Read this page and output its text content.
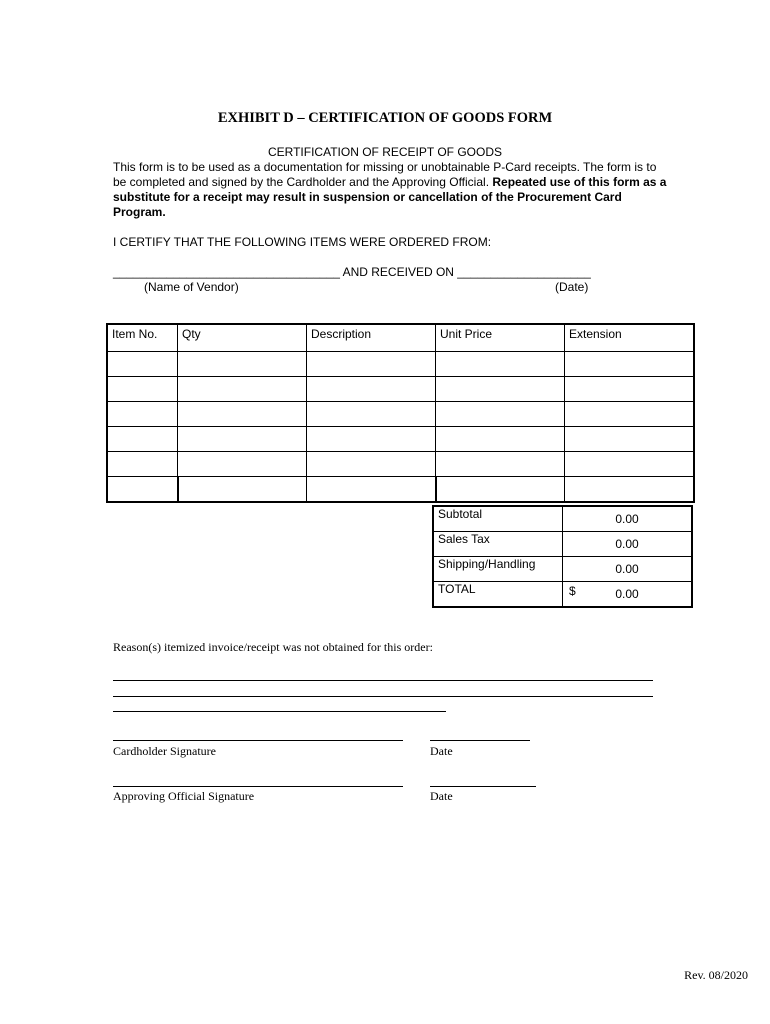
EXHIBIT D – CERTIFICATION OF GOODS FORM
CERTIFICATION OF RECEIPT OF GOODS
This form is to be used as a documentation for missing or unobtainable P-Card receipts. The form is to be completed and signed by the Cardholder and the Approving Official. Repeated use of this form as a substitute for a receipt may result in suspension or cancellation of the Procurement Card Program.
I CERTIFY THAT THE FOLLOWING ITEMS WERE ORDERED FROM:
__________________________________ AND RECEIVED ON ____________________
(Name of Vendor)	(Date)
Item No.	Qty	Description	Unit Price	Extension

Subtotal	0.00
Sales Tax	0.00
Shipping/Handling	0.00
TOTAL	$ 0.00
Reason(s) itemized invoice/receipt was not obtained for this order:
Cardholder Signature	Date
Approving Official Signature	Date
Rev. 08/2020
